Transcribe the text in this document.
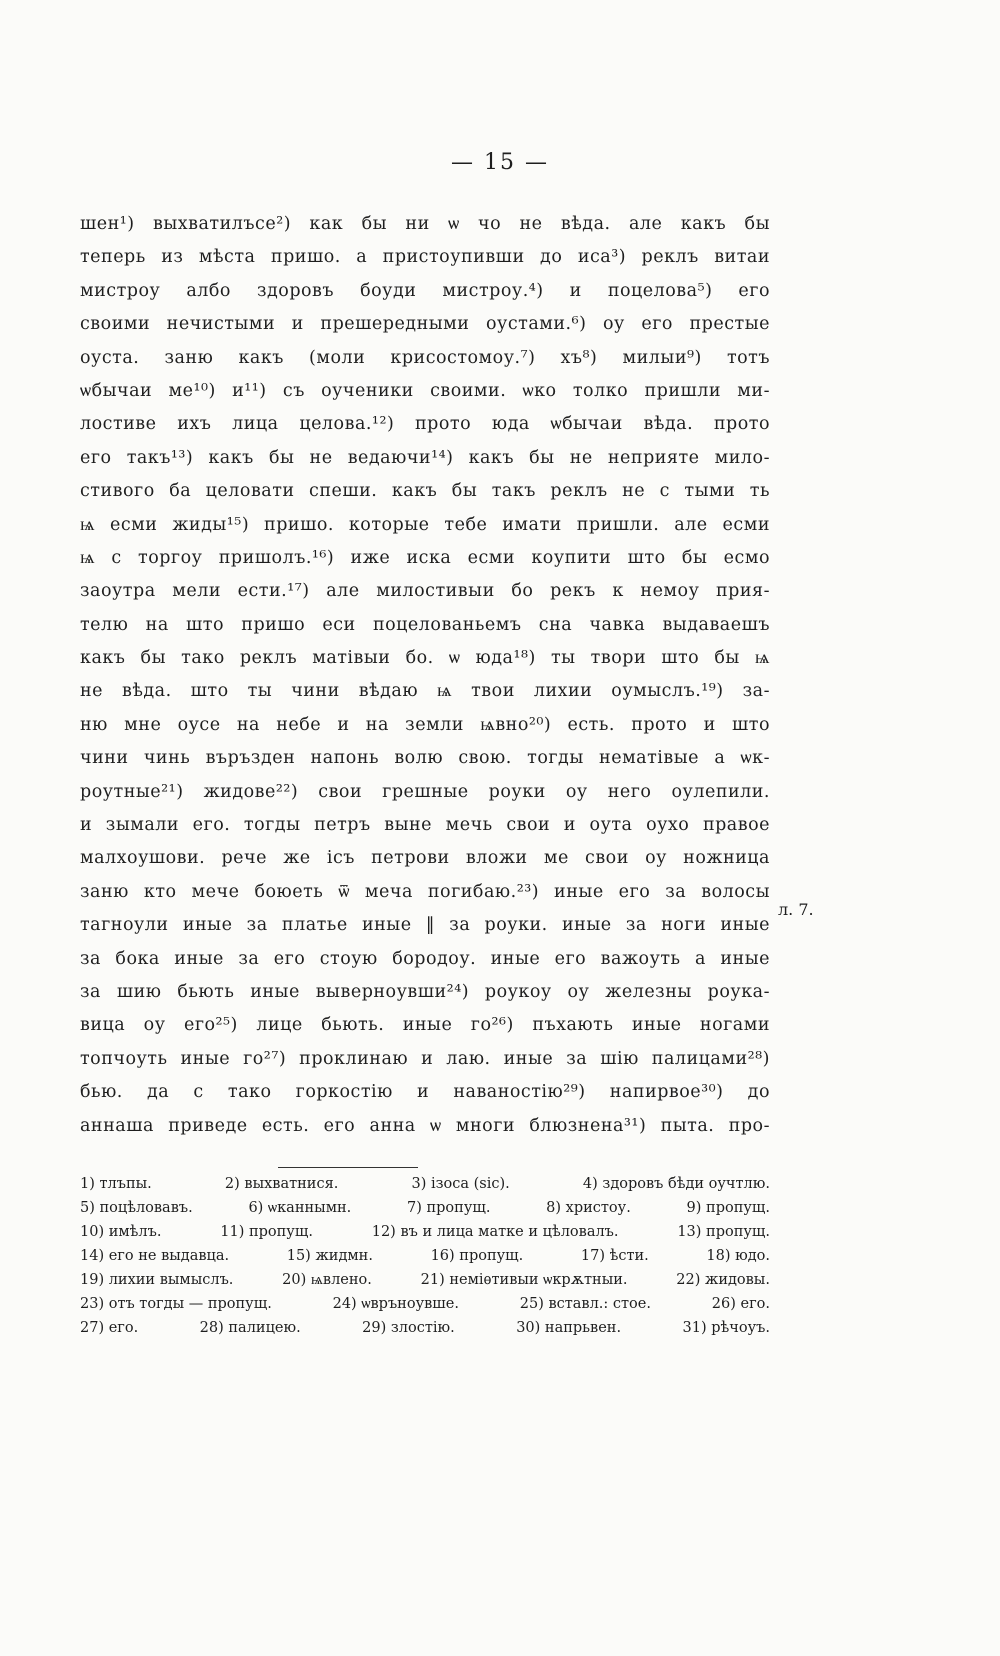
— 15 —
шен¹) выхватилъсе²) как бы ни ѡ чо не вѣда. але какъ бы
теперь из мѣста пришо. а пристоупивши до иса³) реклъ витаи
мистроу албо здоровъ боуди мистроу.⁴) и поцелова⁵) его
своими нечистыми и прешередными оустами.⁶) оу его престые
оуста. заню какъ (моли крисостомоу.⁷) хъ⁸) милыи⁹) тотъ
ѡбычаи ме¹⁰) и¹¹) съ оученики своими. ѡко толко пришли ми-
лостиве ихъ лица целова.¹²) прото юда ѡбычаи вѣда. прото
его такъ¹³) какъ бы не ведаючи¹⁴) какъ бы не неприяте мило-
стивого ба целовати спеши. какъ бы такъ реклъ не с тыми ть
ѩ есми жиды¹⁵) пришо. которые тебе имати пришли. але есми
ѩ с торгоу пришолъ.¹⁶) иже иска есми коупити што бы есмо
заоутра мели ести.¹⁷) але милостивыи бо рекъ к немоу прия-
телю на што пришо еси поцелованьемъ сна чавка выдаваешъ
какъ бы тако реклъ матівыи бо. ѡ юда¹⁸) ты твори што бы ѩ
не вѣда. што ты чини вѣдаю ѩ твои лихии оумыслъ.¹⁹) за-
ню мне оусе на небе и на земли ѩвно²⁰) есть. прото и што
чини чинь въръзден напонь волю свою. тогды нематівые а ѡк-
роутные²¹) жидове²²) свои грешные роуки оу него оулепили.
и зымали его. тогды петръ выне мечь свои и оута оухо правое
малхоушови. рече же ісъ петрови вложи ме свои оу ножница
заню кто мече боюеть ѿ меча погибаю.²³) иные его за волосы
тагноули иные за платье иные ‖ за роуки. иные за ноги иные
за бока иные за его стоую бородоу. иные его важоуть а иные
за шию бьють иные выверноувши²⁴) роукоу оу железны роука-
вица оу его²⁵) лице бьють. иные го²⁶) пъхають иные ногами
топчоуть иные го²⁷) проклинаю и лаю. иные за шію палицами²⁸)
бью. да с тако горкостію и наваностію²⁹) напирвое³⁰) до
аннаша приведе есть. его анна ѡ многи блюзнена³¹) пыта. про-
л. 7.
1) тлъпы.	2) выхватнися.	3) ізоса (sic).	4) здоровъ бѣди оучтлю.
5) поцѣловавъ.	6) ѡканнымн.	7) пропущ.	8) христоу.	9) пропущ.
10) имѣлъ.	11) пропущ.	12) въ и лица матке и цѣловалъ.	13) пропущ.
14) его не выдавца.	15) жидмн.	16) пропущ.	17) ѣсти.	18) юдо.
19) лихии вымыслъ.	20) ѩвлено.	21) неміѳтивыи ѡкрѫтныи.	22) жидовы.
23) отъ тогды — пропущ.	24) ѡвръноувше.	25) вставл.: стое.	26) его.
27) его.	28) палицею.	29) злостію.	30) напрьвен.	31) рѣчоуъ.
